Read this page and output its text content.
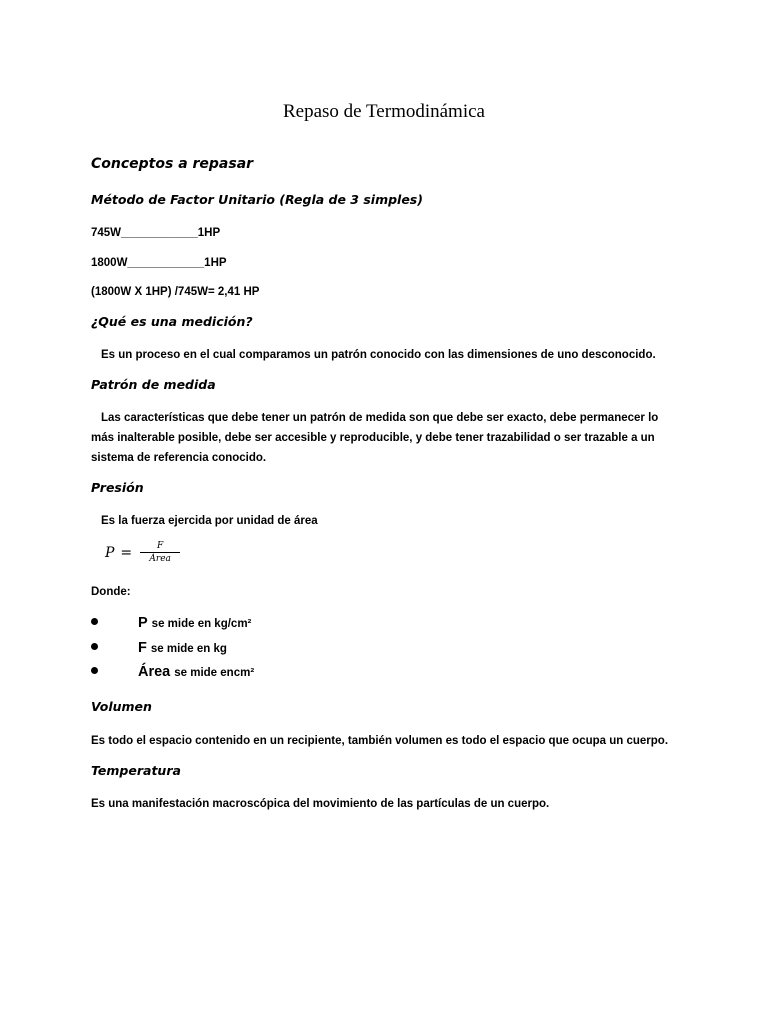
Repaso de Termodinámica
Conceptos a repasar
Método de Factor Unitario (Regla de 3 simples)

745W____________1HP

1800W____________1HP

(1800W X 1HP) /745W= 2,41 HP

¿Qué es una medición?

Es un proceso en el cual comparamos un patrón conocido con las dimensiones de uno desconocido.

Patrón de medida

Las características que debe tener un patrón de medida son que debe ser exacto, debe permanecer lo más inalterable posible, debe ser accesible y reproducible, y debe tener trazabilidad o ser trazable a un sistema de referencia conocido.

Presión

Es la fuerza ejercida por unidad de área

$P = \frac{F}{\text{Área}}$

Donde:

P se mide en kg/cm²
F se mide en kg
Área se mide encm²
Volumen

Es todo el espacio contenido en un recipiente, también volumen es todo el espacio que ocupa un cuerpo.

Temperatura

Es una manifestación macroscópica del movimiento de las partículas de un cuerpo.
